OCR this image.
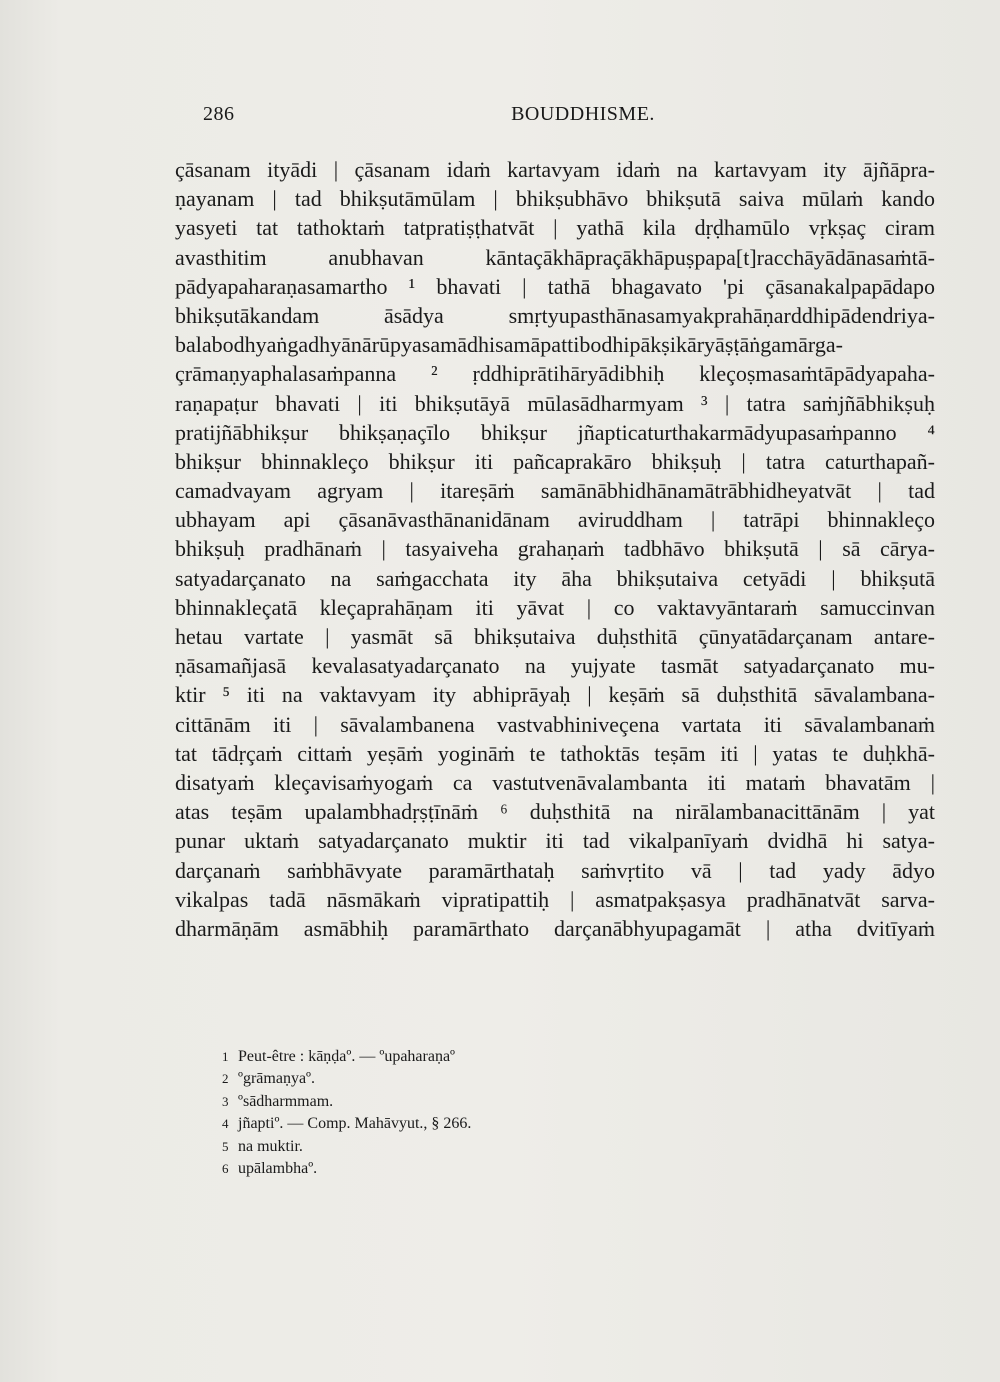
286	BOUDDHISME.
çāsanam ityādi | çāsanam idaṁ kartavyam idaṁ na kartavyam ity ājñāpra-
ṇayanam | tad bhikṣutāmūlam | bhikṣubhāvo bhikṣutā saiva mūlaṁ kando
yasyeti tat tathoktaṁ tatpratiṣṭhatvāt | yathā kila dṛḍhamūlo vṛkṣaç ciram
avasthitim anubhavan kāntaçākhāpraçākhāpuṣpapa[t]racchāyādānasaṁtā-
pādyapaharaṇasamartho ¹ bhavati | tathā bhagavato 'pi çāsanakalpapādapo
bhikṣutākandam āsādya smṛtyupasthānasamyakprahāṇarddhipādendriya-
balabodhyaṅgadhyānārūpyasamādhisamāpattibodhipākṣikāryāṣṭāṅgamārga-
çrāmaṇyaphalasaṁpanna ² ṛddhiprātihāryādibhiḥ kleçoṣmasaṁtāpādyapaha-
raṇapaṭur bhavati | iti bhikṣutāyā mūlasādharmyam ³ | tatra saṁjñābhikṣuḥ
pratijñābhikṣur bhikṣaṇaçīlo bhikṣur jñapticaturthakarmādyupasaṁpanno ⁴
bhikṣur bhinnakleço bhikṣur iti pañcaprakāro bhikṣuḥ | tatra caturthapañ-
camadvayam agryam | itareṣāṁ samānābhidhānamātrābhidheyatvāt | tad
ubhayam api çāsanāvasthānanidānam aviruddham | tatrāpi bhinnakleço
bhikṣuḥ pradhānaṁ | tasyaiveha grahaṇaṁ tadbhāvo bhikṣutā | sā cārya-
satyadarçanato na saṁgacchata ity āha bhikṣutaiva cetyādi | bhikṣutā
bhinnakleçatā kleçaprahāṇam iti yāvat | co vaktavyāntaraṁ samuccinvan
hetau vartate | yasmāt sā bhikṣutaiva duḥsthitā çūnyatādarçanam antare-
ṇāsamañjasā kevalasatyadarçanato na yujyate tasmāt satyadarçanato mu-
ktir ⁵ iti na vaktavyam ity abhiprāyaḥ | keṣāṁ sā duḥsthitā sāvalambana-
cittānām iti | sāvalambanena vastvabhiniveçena vartata iti sāvalambanaṁ
tat tādṛçaṁ cittaṁ yeṣāṁ yogināṁ te tathoktās teṣām iti | yatas te duḥkhā-
disatyaṁ kleçavisaṁyogaṁ ca vastutvenāvalambanta iti mataṁ bhavatām |
atas teṣām upalambhadṛṣṭīnāṁ ⁶ duḥsthitā na nirālambanacittānām | yat
punar uktaṁ satyadarçanato muktir iti tad vikalpanīyaṁ dvidhā hi satya-
darçanaṁ saṁbhāvyate paramārthataḥ saṁvṛtito vā | tad yady ādyo
vikalpas tadā nāsmākaṁ vipratipattiḥ | asmatpakṣasya pradhānatvāt sarva-
dharmāṇām asmābhiḥ paramārthato darçanābhyupagamāt | atha dvitīyaṁ
1 Peut-être : kāṇḍaº. — ºupaharaṇaº
2 ºgrāmaṇyaº.
3 ºsādharmmam.
4 jñaptiº. — Comp. Mahāvyut., § 266.
5 na muktir.
6 upālambhaº.
